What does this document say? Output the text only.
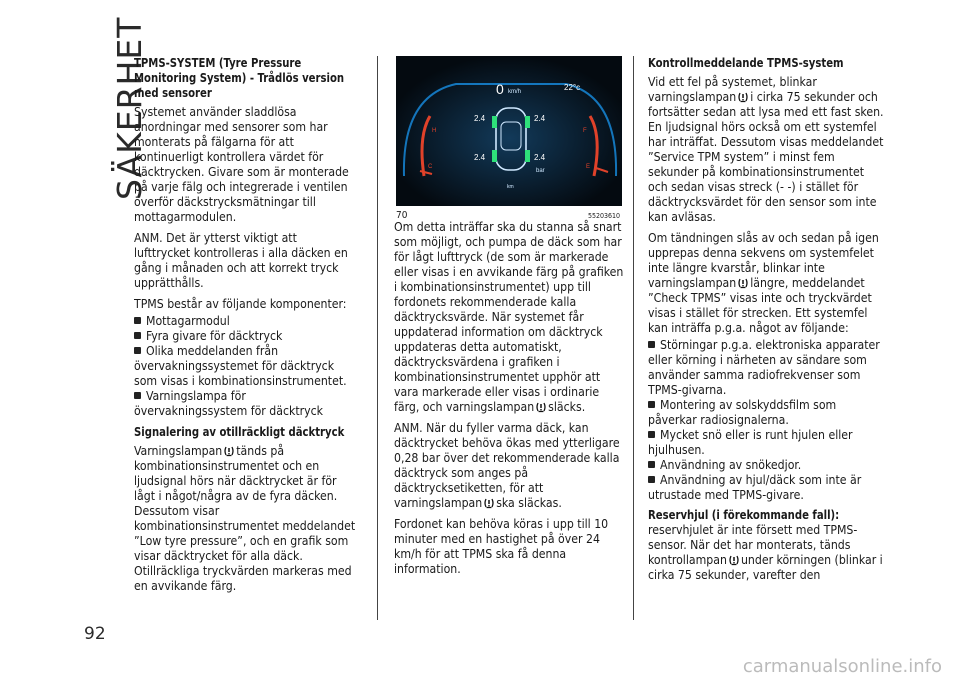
SÄKERHET
92
TPMS-SYSTEM (Tyre Pressure Monitoring System) - Trådlös version med sensorer

Systemet använder sladdlösa anordningar med sensorer som har monterats på fälgarna för att kontinuerligt kontrollera värdet för däcktrycken. Givare som är monterade på varje fälg och integrerade i ventilen överför däckstrycksmätningar till mottagarmodulen.

ANM. Det är ytterst viktigt att lufttrycket kontrolleras i alla däcken en gång i månaden och att korrekt tryck upprätthålls.

TPMS består av följande komponenter:

Mottagarmodul
Fyra givare för däcktryck
Olika meddelanden från övervakningssystemet för däcktryck som visas i kombinationsinstrumentet.
Varningslampa för övervakningssystem för däcktryck
Signalering av otillräckligt däcktryck

Varningslampan tänds på kombinationsinstrumentet och en ljudsignal hörs när däcktrycket är för lågt i något/några av de fyra däcken. Dessutom visar kombinationsinstrumentet meddelandet ”Low tyre pressure”, och en grafik som visar däcktrycket för alla däck. Otillräckliga tryckvärden markeras med en avvikande färg.

0 km/h	22°c
2.4	2.4
2.4	2.4
bar
H
C
F
E
km
70	55203610

Om detta inträffar ska du stanna så snart som möjligt, och pumpa de däck som har för lågt lufttryck (de som är markerade eller visas i en avvikande färg på grafiken i kombinationsinstrumentet) upp till fordonets rekommenderade kalla däcktrycksvärde. När systemet får uppdaterad information om däcktryck uppdateras detta automatiskt, däcktrycksvärdena i grafiken i kombinationsinstrumentet upphör att vara markerade eller visas i ordinarie färg, och varningslampan släcks.

ANM. När du fyller varma däck, kan däcktrycket behöva ökas med ytterligare 0,28 bar över det rekommenderade kalla däcktryck som anges på däcktrycksetiketten, för att varningslampan ska släckas.

Fordonet kan behöva köras i upp till 10 minuter med en hastighet på över 24 km/h för att TPMS ska få denna information.

Kontrollmeddelande TPMS-system

Vid ett fel på systemet, blinkar varningslampan i cirka 75 sekunder och fortsätter sedan att lysa med ett fast sken. En ljudsignal hörs också om ett systemfel har inträffat. Dessutom visas meddelandet ”Service TPM system” i minst fem sekunder på kombinationsinstrumentet och sedan visas streck (- -) i stället för däcktrycksvärdet för den sensor som inte kan avläsas.

Om tändningen slås av och sedan på igen upprepas denna sekvens om systemfelet inte längre kvarstår, blinkar inte varningslampan längre, meddelandet ”Check TPMS” visas inte och tryckvärdet visas i stället för strecken. Ett systemfel kan inträffa p.g.a. något av följande:

Störningar p.g.a. elektroniska apparater eller körning i närheten av sändare som använder samma radiofrekvenser som TPMS-givarna.
Montering av solskyddsfilm som påverkar radiosignalerna.
Mycket snö eller is runt hjulen eller hjulhusen.
Användning av snökedjor.
Användning av hjul/däck som inte är utrustade med TPMS-givare.
Reservhjul (i förekommande fall):

reservhjulet är inte försett med TPMS-sensor. När det har monterats, tänds kontrollampan under körningen (blinkar i cirka 75 sekunder, varefter den

carmanualsonline.info
